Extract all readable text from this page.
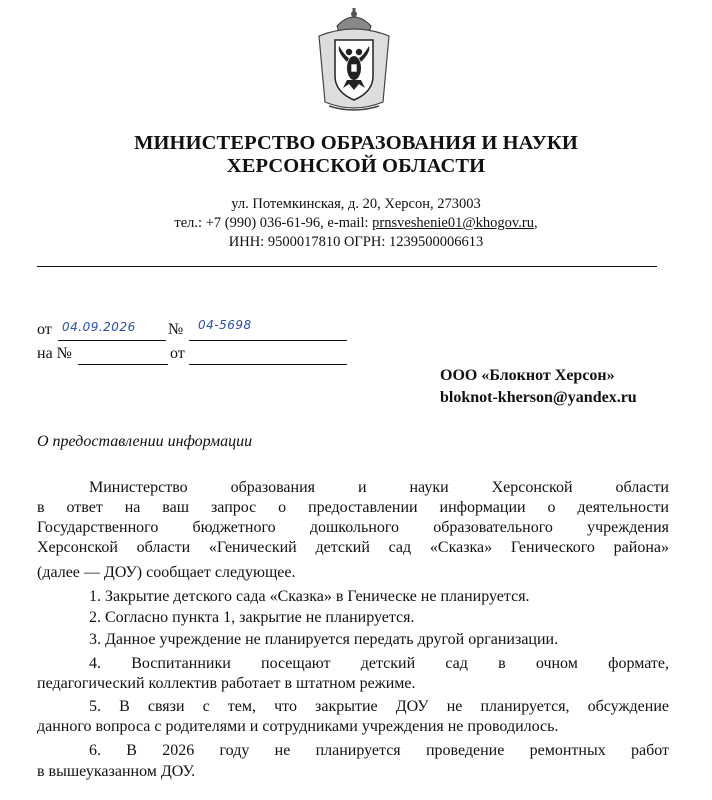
МИНИСТЕРСТВО ОБРАЗОВАНИЯ И НАУКИ
ХЕРСОНСКОЙ ОБЛАСТИ
ул. Потемкинская, д. 20, Херсон, 273003
тел.: +7 (990) 036-61-96, e-mail: prnsveshenie01@khogov.ru,
ИНН: 9500017810 ОГРН: 1239500006613
от 04.09.2026 № 04-5698
на №	от
ООО «Блокнот Херсон»
bloknot-kherson@yandex.ru
О предоставлении информации
Министерство образования и науки Херсонской области
в ответ на ваш запрос о предоставлении информации о деятельности
Государственного бюджетного дошкольного образовательного учреждения
Херсонской области «Генический детский сад «Сказка» Генического района»
(далее — ДОУ) сообщает следующее.
1. Закрытие детского сада «Сказка» в Геническе не планируется.
2. Согласно пункта 1, закрытие не планируется.
3. Данное учреждение не планируется передать другой организации.
4. Воспитанники посещают детский сад в очном формате,
педагогический коллектив работает в штатном режиме.
5. В связи с тем, что закрытие ДОУ не планируется, обсуждение
данного вопроса с родителями и сотрудниками учреждения не проводилось.
6. В 2026 году не планируется проведение ремонтных работ
в вышеуказанном ДОУ.
